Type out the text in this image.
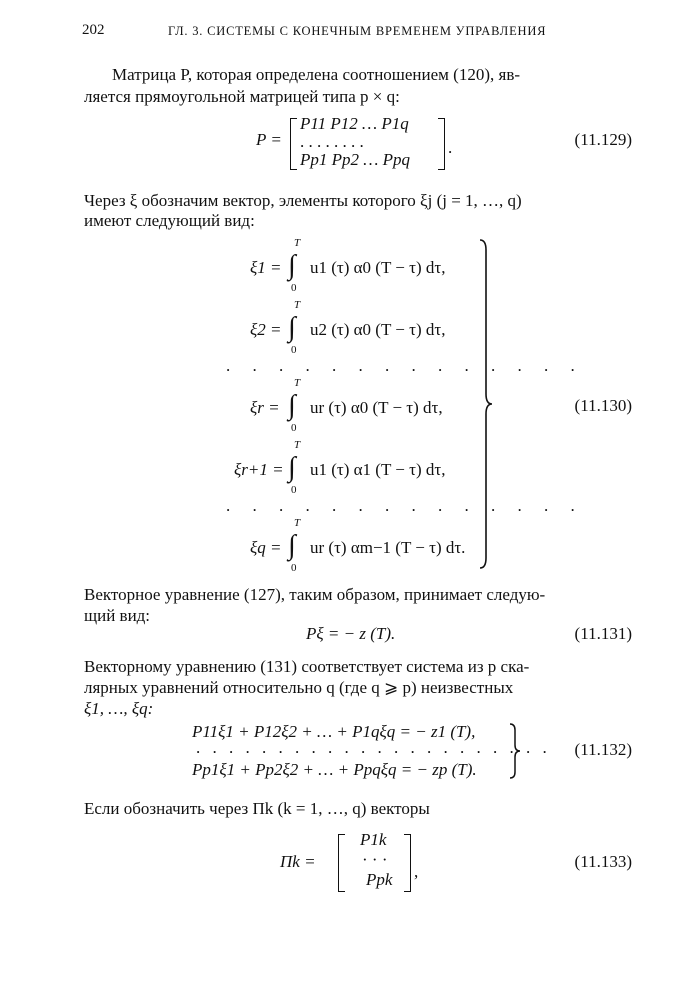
202	ГЛ. 3. СИСТЕМЫ С КОНЕЧНЫМ ВРЕМЕНЕМ УПРАВЛЕНИЯ
Матрица P, которая определена соотношением (120), яв-
ляется прямоугольной матрицей типа p × q:
P =
P11 P12 … P1q
. . . . . . . .
Pp1 Pp2 … Ppq
.	(11.129)
Через ξ обозначим вектор, элементы которого ξj (j = 1, …, q)
имеют следующий вид:
ξ1 =
T
∫
0
u1 (τ) α0 (T − τ) dτ,
ξ2 =
T
∫
0
u2 (τ) α0 (T − τ) dτ,
. . . . . . . . . . . . . .
ξr =
T
∫
0
ur (τ) α0 (T − τ) dτ,
ξr+1 =
T
∫
0
u1 (τ) α1 (T − τ) dτ,
. . . . . . . . . . . . . .
ξq =
T
∫
0
ur (τ) αm−1 (T − τ) dτ.
(11.130)
Векторное уравнение (127), таким образом, принимает следую-
щий вид:
Pξ = − z (T).	(11.131)
Векторному уравнению (131) соответствует система из p ска-
лярных уравнений относительно q (где q ⩾ p) неизвестных
ξ1, …, ξq:
P11ξ1 + P12ξ2 + … + P1qξq = − z1 (T),
. . . . . . . . . . . . . . . . . . . . . .
Pp1ξ1 + Pp2ξ2 + … + Ppqξq = − zp (T).
(11.132)
Если обозначить через Πk (k = 1, …, q) векторы
Πk =
P1k
· · ·
Ppk ,
(11.133)
